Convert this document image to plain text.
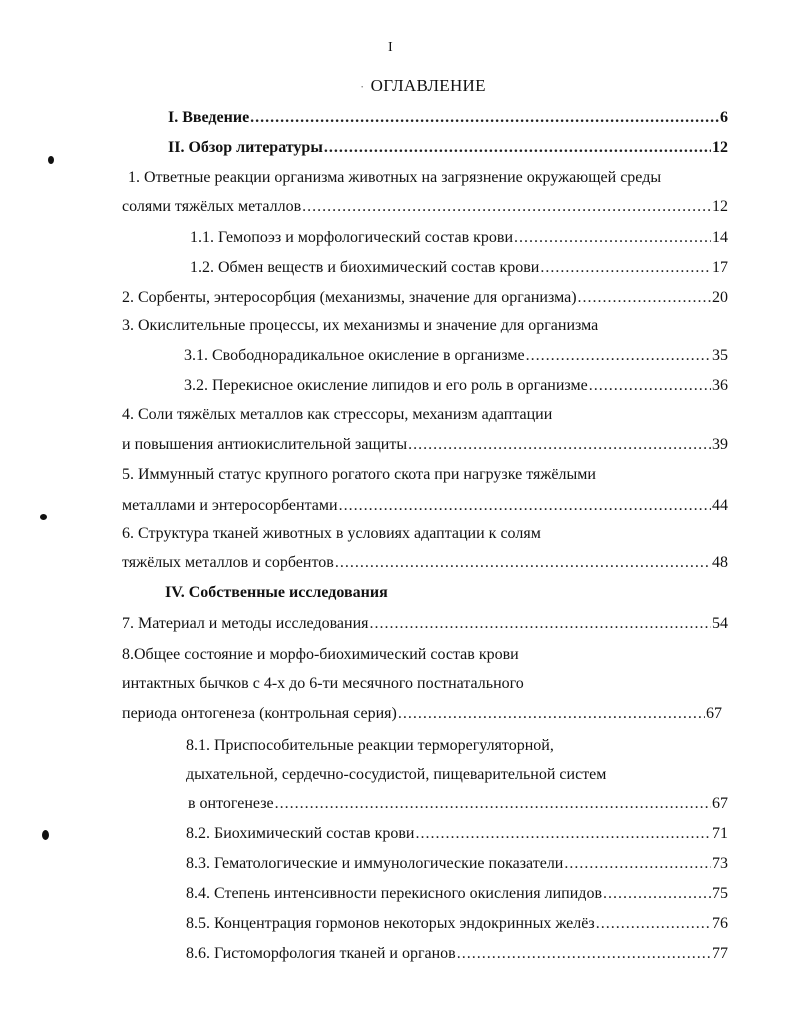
I
· ОГЛАВЛЕНИЕ
I. Введение .....	6
II. Обзор литературы .....	12
1. Ответные реакции организма животных на загрязнение окружающей среды
солями тяжёлых металлов .....	12
1.1. Гемопоэз и морфологический состав крови .....	14
1.2. Обмен веществ и биохимический состав крови .....	17
2. Сорбенты, энтеросорбция (механизмы, значение для организма) .....	20
3. Окислительные процессы, их механизмы и значение для организма
3.1. Свободнорадикальное окисление в организме .....	35
3.2. Перекисное окисление липидов и его роль в организме .....	36
4. Соли тяжёлых металлов как стрессоры, механизм адаптации
и повышения антиокислительной защиты .....	39
5. Иммунный статус крупного рогатого скота при нагрузке тяжёлыми
металлами и энтеросорбентами .....	44
6. Структура тканей животных в условиях адаптации к солям
тяжёлых металлов и сорбентов .....	48
IV. Собственные исследования
7. Материал и методы исследования .....	54
8.Общее состояние и морфо-биохимический состав крови
интактных бычков с 4-х до 6-ти месячного постнатального
периода онтогенеза (контрольная серия) .....	67
8.1. Приспособительные реакции терморегуляторной,
дыхательной, сердечно-сосудистой, пищеварительной систем
в онтогенезе .....	67
8.2. Биохимический состав крови .....	71
8.3. Гематологические и иммунологические показатели .....	73
8.4. Степень интенсивности перекисного окисления липидов .....	75
8.5. Концентрация гормонов некоторых эндокринных желёз .....	76
8.6. Гистоморфология тканей и органов .....	77
